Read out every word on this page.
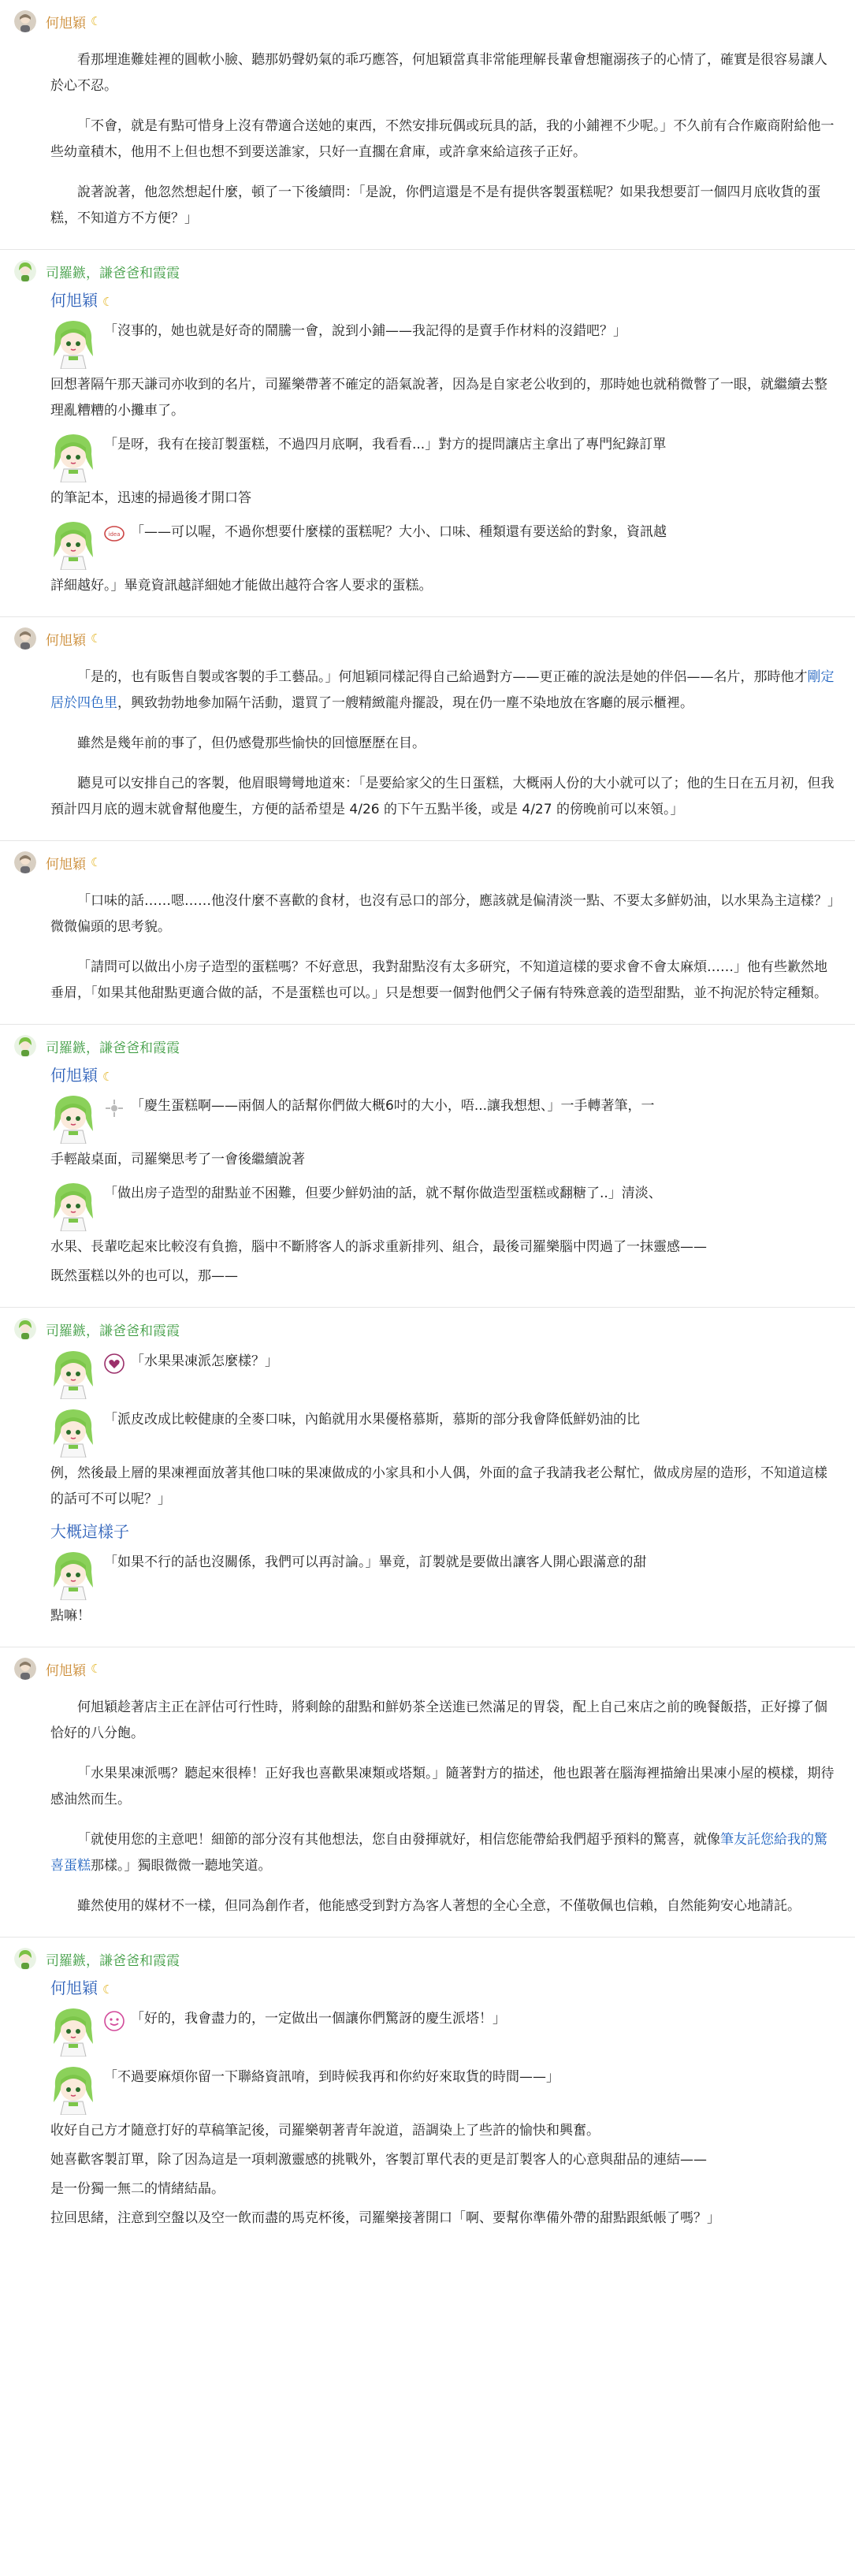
何旭穎 ☾

看那埋進難娃裡的圓軟小臉、聽那奶聲奶氣的乖巧應答，何旭穎當真非常能理解長輩會想寵溺孩子的心情了，確實是很容易讓人於心不忍。

「不會，就是有點可惜身上沒有帶適合送她的東西，不然安排玩偶或玩具的話，我的小鋪裡不少呢。」不久前有合作廠商附給他一些幼童積木，他用不上但也想不到要送誰家，只好一直擱在倉庫，或許拿來給這孩子正好。

說著說著，他忽然想起什麼，頓了一下後續問：「是說，你們這還是不是有提供客製蛋糕呢？如果我想要訂一個四月底收貨的蛋糕，不知道方不方便？」

司羅鏃，謙爸爸和霞霞
何旭穎 ☾
「沒事的，她也就是好奇的鬧騰一會，說到小鋪——我記得的是賣手作材料的沒錯吧？」
回想著隔午那天謙司亦收到的名片，司羅樂帶著不確定的語氣說著，因為是自家老公收到的，那時她也就稍微瞥了一眼，就繼續去整理亂糟糟的小攤車了。
「是呀，我有在接訂製蛋糕，不過四月底啊，我看看...」對方的提問讓店主拿出了專門紀錄訂單
的筆記本，迅速的掃過後才開口答
idea 「——可以喔，不過你想要什麼樣的蛋糕呢？大小、口味、種類還有要送給的對象，資訊越
詳細越好。」畢竟資訊越詳細她才能做出越符合客人要求的蛋糕。
何旭穎 ☾

「是的，也有販售自製或客製的手工藝品。」何旭穎同樣記得自己給過對方——更正確的說法是她的伴侶——名片，那時他才剛定居於四色里，興致勃勃地參加隔午活動，還買了一艘精緻龍舟擺設，現在仍一塵不染地放在客廳的展示櫃裡。

雖然是幾年前的事了，但仍感覺那些愉快的回憶歷歷在目。

聽見可以安排自己的客製，他眉眼彎彎地道來：「是要給家父的生日蛋糕，大概兩人份的大小就可以了；他的生日在五月初，但我預計四月底的週末就會幫他慶生，方便的話希望是 4/26 的下午五點半後，或是 4/27 的傍晚前可以來領。」

何旭穎 ☾

「口味的話……嗯……他沒什麼不喜歡的食材，也沒有忌口的部分，應該就是偏清淡一點、不要太多鮮奶油，以水果為主這樣？」微微偏頭的思考貌。

「請問可以做出小房子造型的蛋糕嗎？不好意思，我對甜點沒有太多研究，不知道這樣的要求會不會太麻煩……」他有些歉然地垂眉，「如果其他甜點更適合做的話，不是蛋糕也可以。」只是想要一個對他們父子倆有特殊意義的造型甜點，並不拘泥於特定種類。

司羅鏃，謙爸爸和霞霞
何旭穎 ☾
「慶生蛋糕啊——兩個人的話幫你們做大概6吋的大小，唔...讓我想想、」一手轉著筆，一
手輕敲桌面，司羅樂思考了一會後繼續說著
「做出房子造型的甜點並不困難，但要少鮮奶油的話，就不幫你做造型蛋糕或翻糖了..」清淡、
水果、長輩吃起來比較沒有負擔，腦中不斷將客人的訴求重新排列、組合，最後司羅樂腦中閃過了一抹靈感——
既然蛋糕以外的也可以，那——
司羅鏃，謙爸爸和霞霞
「水果果凍派怎麼樣？」
「派皮改成比較健康的全麥口味，內餡就用水果優格慕斯，慕斯的部分我會降低鮮奶油的比
例，然後最上層的果凍裡面放著其他口味的果凍做成的小家具和小人偶，外面的盒子我請我老公幫忙，做成房屋的造形，不知道這樣的話可不可以呢？」
大概這樣子
「如果不行的話也沒關係，我們可以再討論。」畢竟，訂製就是要做出讓客人開心跟滿意的甜
點嘛！
何旭穎 ☾

何旭穎趁著店主正在評估可行性時，將剩餘的甜點和鮮奶茶全送進已然滿足的胃袋，配上自己來店之前的晚餐飯搭，正好撐了個恰好的八分飽。

「水果果凍派嗎？聽起來很棒！正好我也喜歡果凍類或塔類。」隨著對方的描述，他也跟著在腦海裡描繪出果凍小屋的模樣，期待感油然而生。

「就使用您的主意吧！細節的部分沒有其他想法，您自由發揮就好，相信您能帶給我們超乎預料的驚喜，就像筆友託您給我的驚喜蛋糕那樣。」獨眼微微一聽地笑道。

雖然使用的媒材不一樣，但同為創作者，他能感受到對方為客人著想的全心全意，不僅敬佩也信賴，自然能夠安心地請託。

司羅鏃，謙爸爸和霞霞
何旭穎 ☾
「好的，我會盡力的，一定做出一個讓你們驚訝的慶生派塔！」
「不過要麻煩你留一下聯絡資訊唷，到時候我再和你約好來取貨的時間——」
收好自己方才隨意打好的草稿筆記後，司羅樂朝著青年說道，語調染上了些許的愉快和興奮。
她喜歡客製訂單，除了因為這是一項刺激靈感的挑戰外，客製訂單代表的更是訂製客人的心意與甜品的連結——
是一份獨一無二的情緒結晶。
拉回思緒，注意到空盤以及空一飲而盡的馬克杯後，司羅樂接著開口「啊、要幫你準備外帶的甜點跟紙帳了嗎？」
